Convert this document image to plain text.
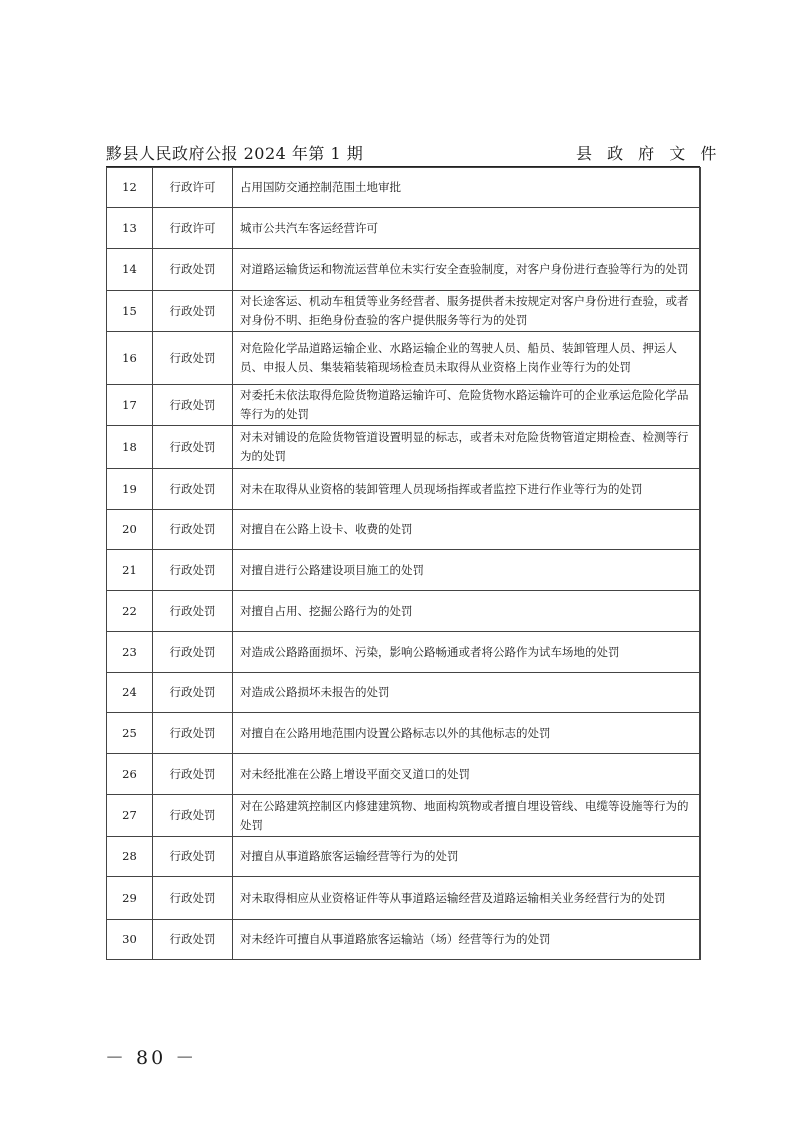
黟县人民政府公报 2024 年第 1 期	县 政 府 文 件
12	行政许可	占用国防交通控制范围土地审批	
13	行政许可	城市公共汽车客运经营许可	
14	行政处罚	对道路运输货运和物流运营单位未实行安全查验制度，对客户身份进行查验等行为的处罚	
15	行政处罚	对长途客运、机动车租赁等业务经营者、服务提供者未按规定对客户身份进行查验，或者对身份不明、拒绝身份查验的客户提供服务等行为的处罚	
16	行政处罚	对危险化学品道路运输企业、水路运输企业的驾驶人员、船员、装卸管理人员、押运人员、申报人员、集装箱装箱现场检查员未取得从业资格上岗作业等行为的处罚	
17	行政处罚	对委托未依法取得危险货物道路运输许可、危险货物水路运输许可的企业承运危险化学品等行为的处罚	
18	行政处罚	对未对铺设的危险货物管道设置明显的标志，或者未对危险货物管道定期检查、检测等行为的处罚	
19	行政处罚	对未在取得从业资格的装卸管理人员现场指挥或者监控下进行作业等行为的处罚	
20	行政处罚	对擅自在公路上设卡、收费的处罚	
21	行政处罚	对擅自进行公路建设项目施工的处罚	
22	行政处罚	对擅自占用、挖掘公路行为的处罚	
23	行政处罚	对造成公路路面损坏、污染，影响公路畅通或者将公路作为试车场地的处罚	
24	行政处罚	对造成公路损坏未报告的处罚	
25	行政处罚	对擅自在公路用地范围内设置公路标志以外的其他标志的处罚	
26	行政处罚	对未经批准在公路上增设平面交叉道口的处罚	
27	行政处罚	对在公路建筑控制区内修建建筑物、地面构筑物或者擅自埋设管线、电缆等设施等行为的处罚	
28	行政处罚	对擅自从事道路旅客运输经营等行为的处罚	
29	行政处罚	对未取得相应从业资格证件等从事道路运输经营及道路运输相关业务经营行为的处罚	
30	行政处罚	对未经许可擅自从事道路旅客运输站（场）经营等行为的处罚	
－ 80 －
